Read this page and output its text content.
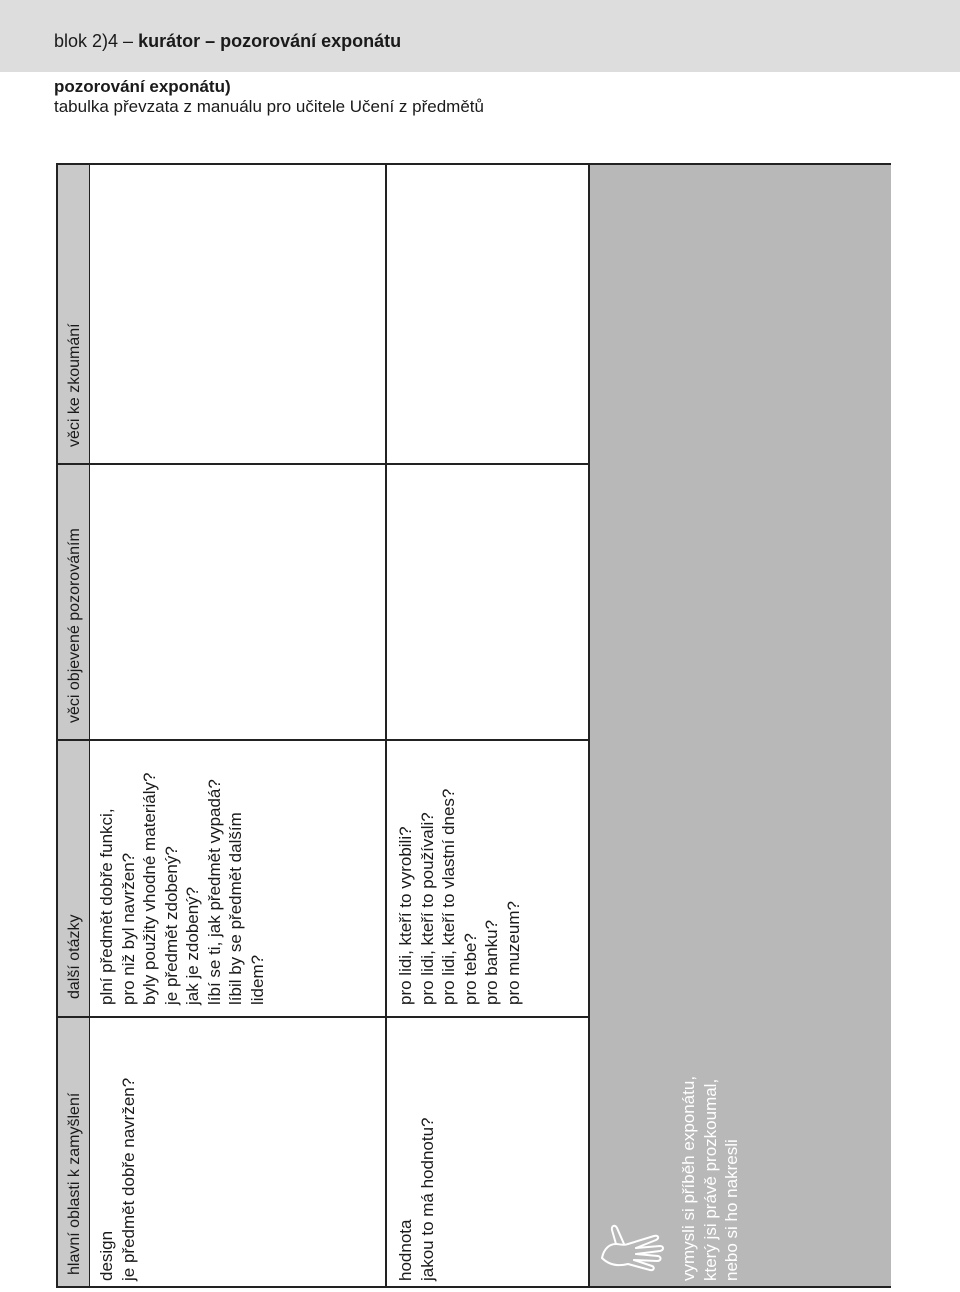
blok 2)4 – kurátor – pozorování exponátu
pozorování exponátu)
tabulka převzata z manuálu pro učitele Učení z předmětů
hlavní oblasti k zamyšlení
další otázky
věci objevené pozorováním
věci ke zkoumání
design je předmět dobře navržen?
plní předmět dobře funkci, pro niž byl navržen? byly použity vhodné materiály? je předmět zdobený? jak je zdobený? líbí se ti, jak předmět vypadá? líbil by se předmět dalším lidem?
hodnota jakou to má hodnotu?
pro lidi, kteří to vyrobili? pro lidi, kteří to používali? pro lidi, kteří to vlastní dnes? pro tebe? pro banku? pro muzeum?
vymysli si příběh exponátu, který jsi právě prozkoumal, nebo si ho nakresli
